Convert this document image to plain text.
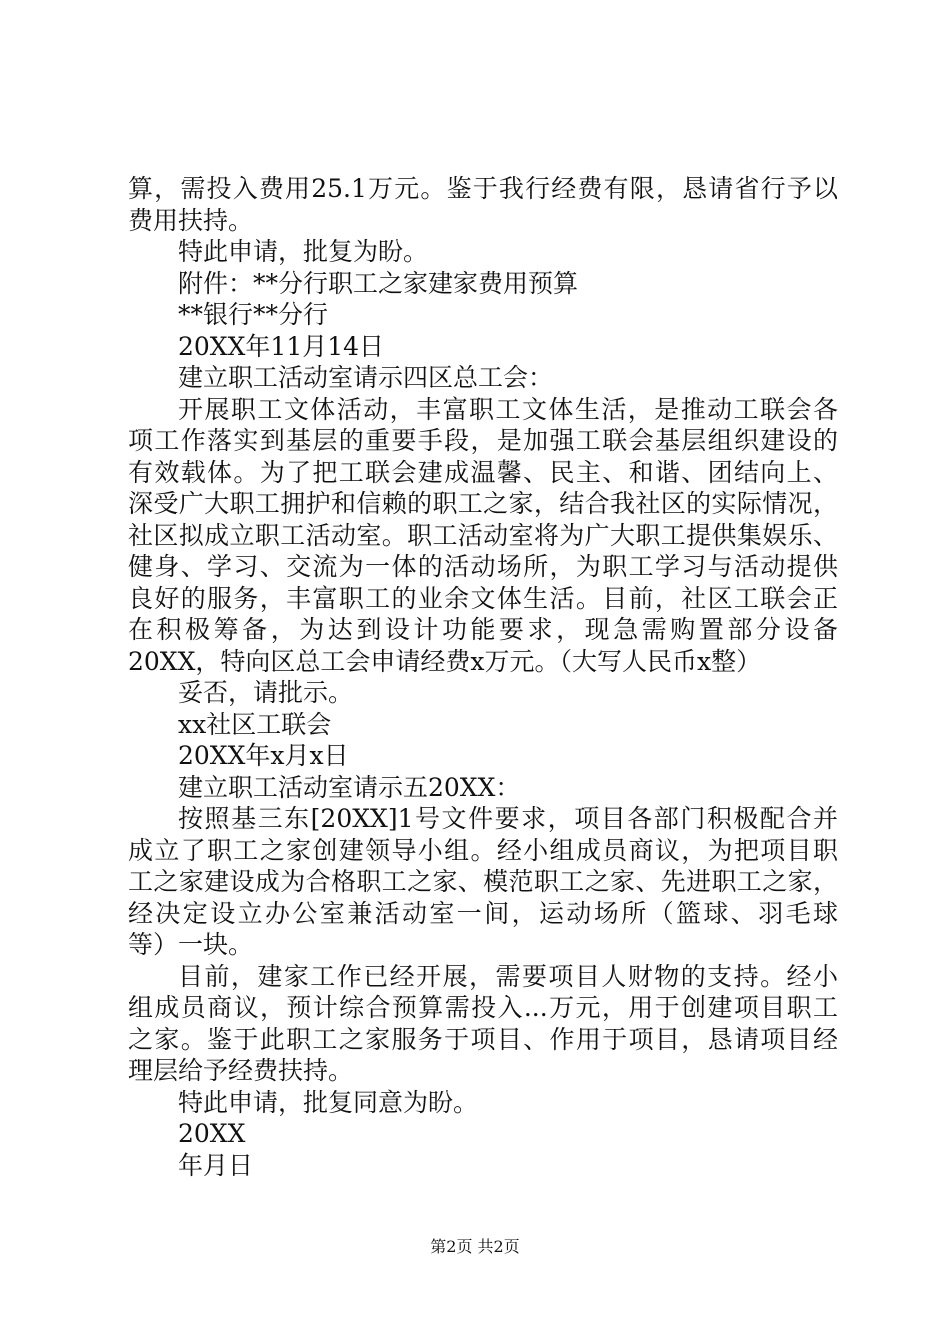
算，需投入费用25.1万元。鉴于我行经费有限，恳请省行予以
费用扶持。
特此申请，批复为盼。
附件：**分行职工之家建家费用预算
**银行**分行
20XX年11月14日
建立职工活动室请示四区总工会：
开展职工文体活动，丰富职工文体生活，是推动工联会各
项工作落实到基层的重要手段，是加强工联会基层组织建设的
有效载体。为了把工联会建成温馨、民主、和谐、团结向上、
深受广大职工拥护和信赖的职工之家，结合我社区的实际情况，
社区拟成立职工活动室。职工活动室将为广大职工提供集娱乐、
健身、学习、交流为一体的活动场所，为职工学习与活动提供
良好的服务，丰富职工的业余文体生活。目前，社区工联会正
在积极筹备，为达到设计功能要求，现急需购置部分设备
20XX，特向区总工会申请经费x万元。（大写人民币x整）
妥否，请批示。
xx社区工联会
20XX年x月x日
建立职工活动室请示五20XX：
按照基三东[20XX]1号文件要求，项目各部门积极配合并
成立了职工之家创建领导小组。经小组成员商议，为把项目职
工之家建设成为合格职工之家、模范职工之家、先进职工之家，
经决定设立办公室兼活动室一间，运动场所（篮球、羽毛球
等）一块。
目前，建家工作已经开展，需要项目人财物的支持。经小
组成员商议，预计综合预算需投入...万元，用于创建项目职工
之家。鉴于此职工之家服务于项目、作用于项目，恳请项目经
理层给予经费扶持。
特此申请，批复同意为盼。
20XX
年月日
第2页 共2页
